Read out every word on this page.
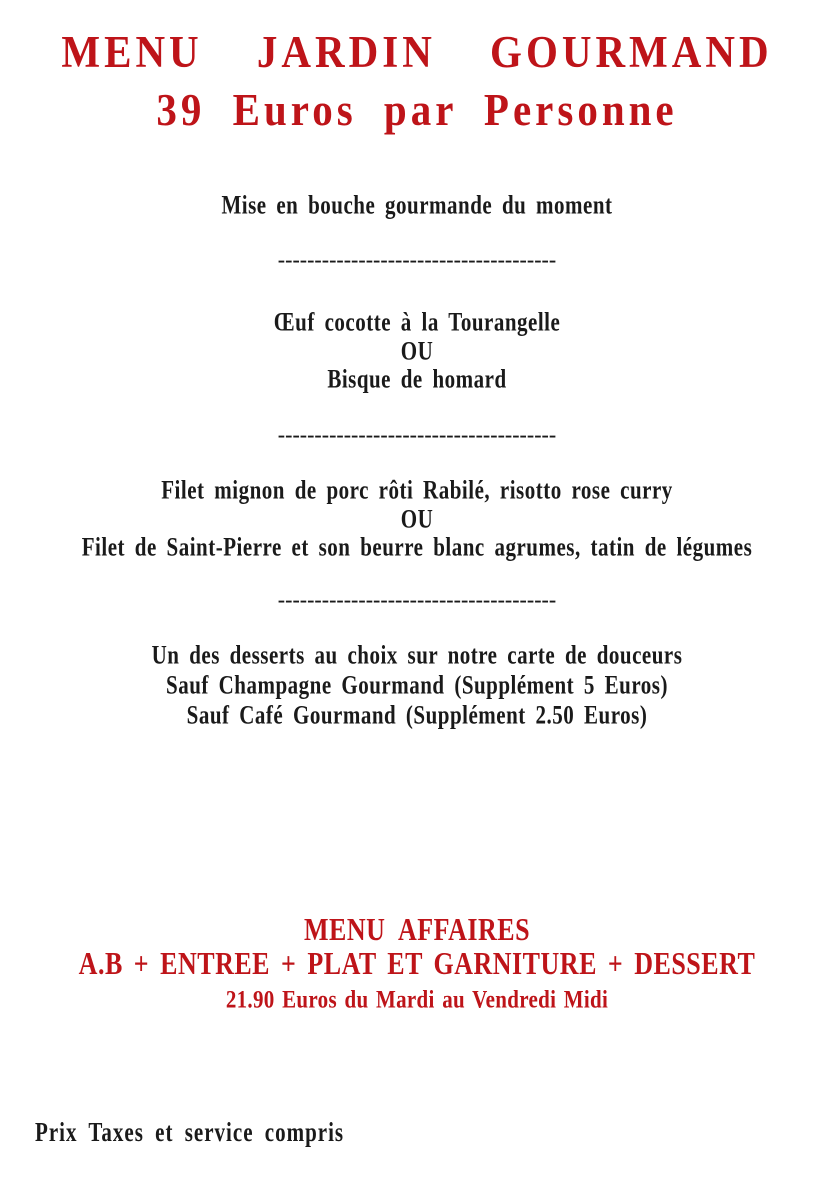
MENU JARDIN GOURMAND
39 Euros par Personne
Mise en bouche gourmande du moment
--------------------------------------
Œuf cocotte à la Tourangelle
OU
Bisque de homard
--------------------------------------
Filet mignon de porc rôti Rabilé, risotto rose curry
OU
Filet de Saint-Pierre et son beurre blanc agrumes, tatin de légumes
--------------------------------------
Un des desserts au choix sur notre carte de douceurs
Sauf Champagne Gourmand (Supplément 5 Euros)
Sauf Café Gourmand (Supplément 2.50 Euros)
MENU AFFAIRES
A.B + ENTREE + PLAT ET GARNITURE + DESSERT
21.90 Euros du Mardi au Vendredi Midi
Prix Taxes et service compris
